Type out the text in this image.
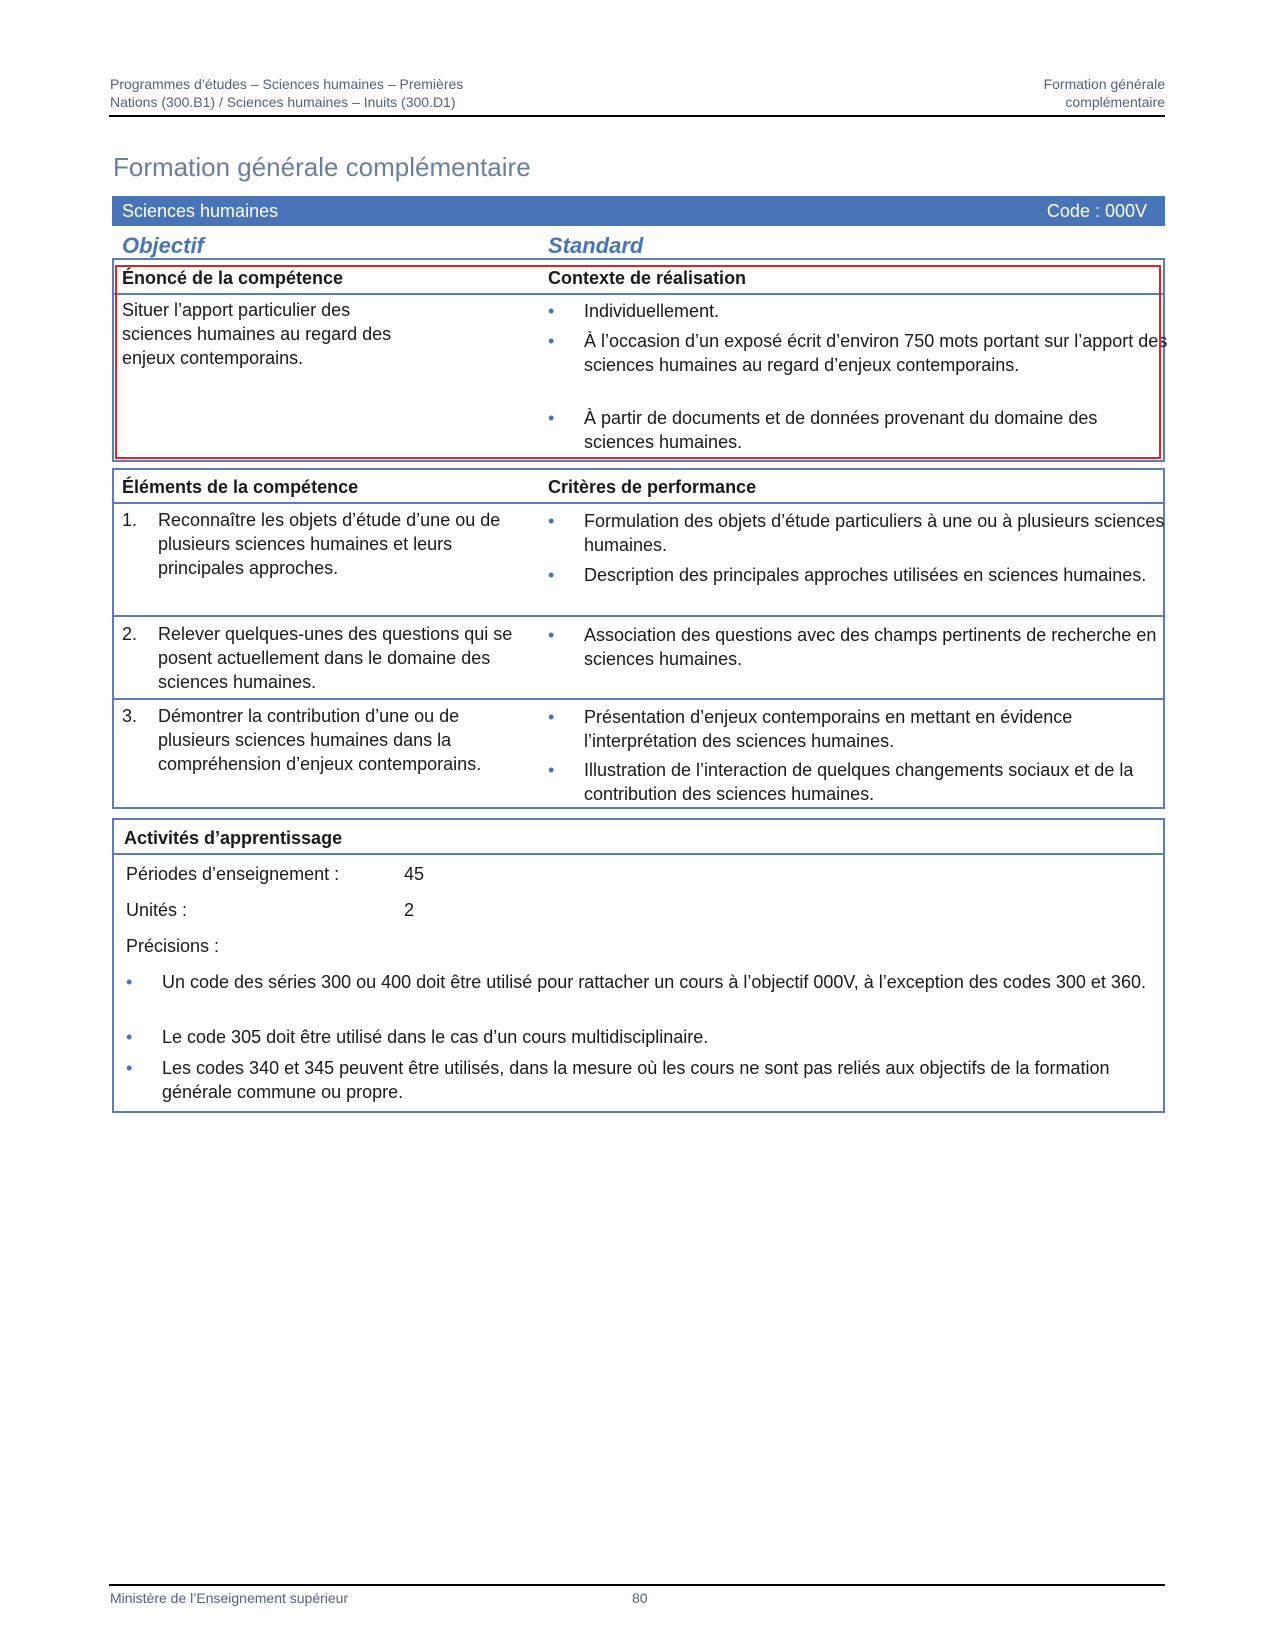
Programmes d’études – Sciences humaines – Premières
Nations (300.B1) / Sciences humaines – Inuits (300.D1)
Formation générale
complémentaire
Formation générale complémentaire
Sciences humaines	Code : 000V
Objectif	Standard
Énoncé de la compétence	Contexte de réalisation
Situer l’apport particulier des sciences humaines au regard des enjeux contemporains.
• Individuellement.
• À l’occasion d’un exposé écrit d’environ 750 mots portant sur l’apport des sciences humaines au regard d’enjeux contemporains.
• À partir de documents et de données provenant du domaine des sciences humaines.
Éléments de la compétence	Critères de performance
1.	Reconnaître les objets d’étude d’une ou de plusieurs sciences humaines et leurs principales approches.
• Formulation des objets d’étude particuliers à une ou à plusieurs sciences humaines.
• Description des principales approches utilisées en sciences humaines.
2.	Relever quelques-unes des questions qui se posent actuellement dans le domaine des sciences humaines.
• Association des questions avec des champs pertinents de recherche en sciences humaines.
3.	Démontrer la contribution d’une ou de plusieurs sciences humaines dans la compréhension d’enjeux contemporains.
• Présentation d’enjeux contemporains en mettant en évidence l’interprétation des sciences humaines.
• Illustration de l’interaction de quelques changements sociaux et de la contribution des sciences humaines.
Activités d’apprentissage
Périodes d’enseignement :	45
Unités :	2
Précisions :
• Un code des séries 300 ou 400 doit être utilisé pour rattacher un cours à l’objectif 000V, à l’exception des codes 300 et 360.
• Le code 305 doit être utilisé dans le cas d’un cours multidisciplinaire.
• Les codes 340 et 345 peuvent être utilisés, dans la mesure où les cours ne sont pas reliés aux objectifs de la formation générale commune ou propre.
Ministère de l’Enseignement supérieur	80
